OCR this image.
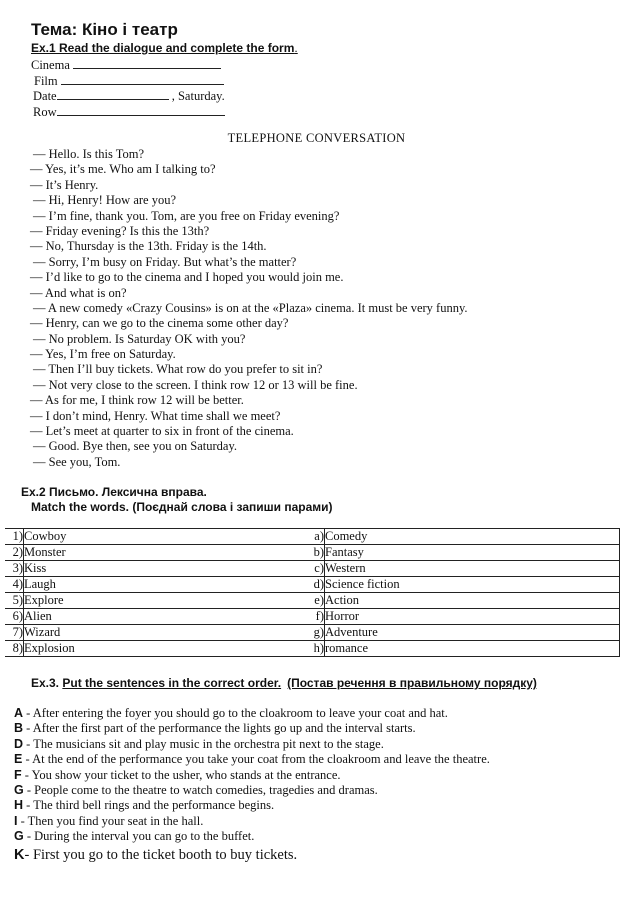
Тема: Кіно і театр
Ex.1 Read the dialogue and complete the form.
Cinema
Film
Date	, Saturday.
Row
TELEPHONE CONVERSATION
— Hello. Is this Tom?
— Yes, it’s me. Who am I talking to?
— It’s Henry.
— Hi, Henry! How are you?
— I’m fine, thank you. Tom, are you free on Friday evening?
— Friday evening? Is this the 13th?
— No, Thursday is the 13th. Friday is the 14th.
— Sorry, I’m busy on Friday. But what’s the matter?
— I’d like to go to the cinema and I hoped you would join me.
— And what is on?
— A new comedy «Crazy Cousins» is on at the «Plaza» cinema. It must be very funny.
— Henry, can we go to the cinema some other day?
— No problem. Is Saturday OK with you?
— Yes, I’m free on Saturday.
— Then I’ll buy tickets. What row do you prefer to sit in?
— Not very close to the screen. I think row 12 or 13 will be fine.
— As for me, I think row 12 will be better.
— I don’t mind, Henry. What time shall we meet?
— Let’s meet at quarter to six in front of the cinema.
— Good. Bye then, see you on Saturday.
— See you, Tom.
Ex.2 Письмо. Лексична вправа.
Match the words. (Поєднай слова і запиши парами)
1)	Cowboy	a)	Comedy
2)	Monster	b)	Fantasy
3)	Kiss	c)	Western
4)	Laugh	d)	Science fiction
5)	Explore	e)	Action
6)	Alien	f)	Horror
7)	Wizard	g)	Adventure
8)	Explosion	h)	romance
Ex.3. Put the sentences in the correct order. (Постав речення в правильному порядку)
A - After entering the foyer you should go to the cloakroom to leave your coat and hat.
B - After the first part of the performance the lights go up and the interval starts.
D - The musicians sit and play music in the orchestra pit next to the stage.
E - At the end of the performance you take your coat from the cloakroom and leave the theatre.
F - You show your ticket to the usher, who stands at the entrance.
G - People come to the theatre to watch comedies, tragedies and dramas.
H - The third bell rings and the performance begins.
I - Then you find your seat in the hall.
G - During the interval you can go to the buffet.
K- First you go to the ticket booth to buy tickets.
